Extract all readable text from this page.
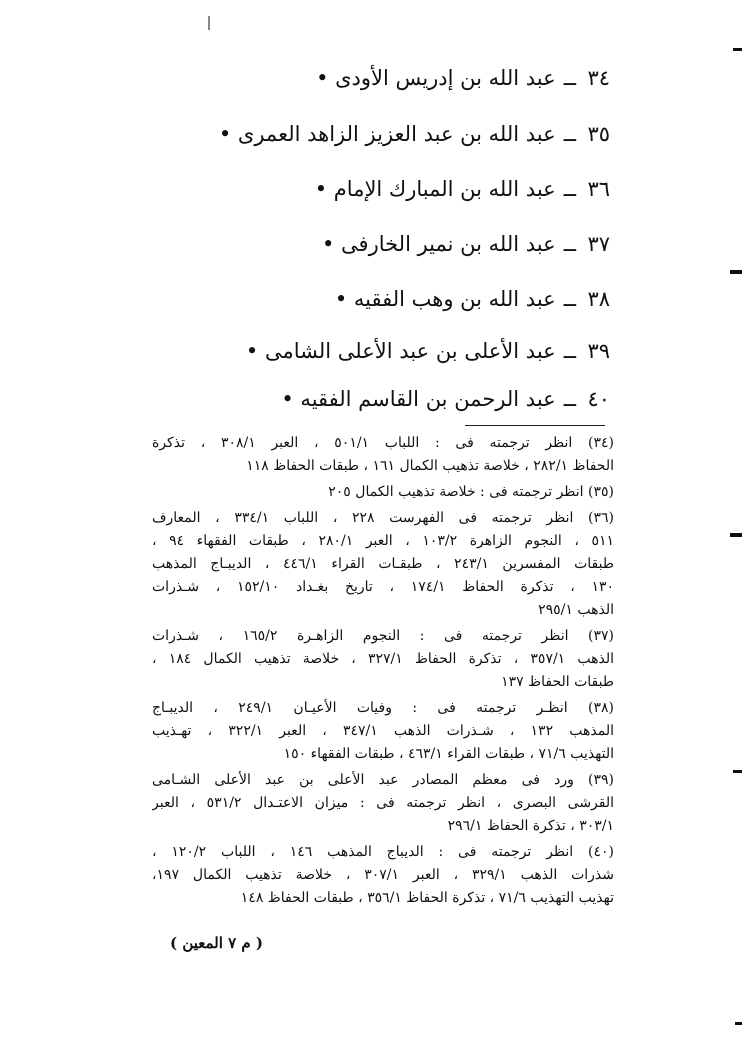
٣٤ــعبد الله بن إدريس الأودى •
٣٥ــعبد الله بن عبد العزيز الزاهد العمرى •
٣٦ــعبد الله بن المبارك الإمام •
٣٧ــعبد الله بن نمير الخارفى •
٣٨ــعبد الله بن وهب الفقيه •
٣٩ــعبد الأعلى بن عبد الأعلى الشامى •
٤٠ــعبد الرحمن بن القاسم الفقيه •
(٣٤) انظر ترجمته فى : اللباب ٥٠١/١ ، العبر ٣٠٨/١ ، تذكرة
الحفاظ ٢٨٢/١ ، خلاصة تذهيب الكمال ١٦١ ، طبقات الحفاظ ١١٨
(٣٥) انظر ترجمته فى : خلاصة تذهيب الكمال ٢٠٥
(٣٦) انظر ترجمته فى الفهرست ٢٢٨ ، اللباب ٣٣٤/١ ، المعارف
٥١١ ، النجوم الزاهرة ١٠٣/٢ ، العبر ٢٨٠/١ ، طبقات الفقهاء ٩٤ ،
طبقات المفسرين ٢٤٣/١ ، طبقـات القراء ٤٤٦/١ ، الديبـاج المذهب
١٣٠ ، تذكرة الحفاظ ١٧٤/١ ، تاريخ بغـداد ١٥٢/١٠ ، شـذرات
الذهب ٢٩٥/١
(٣٧) انظر ترجمته فى : النجوم الزاهـرة ١٦٥/٢ ، شـذرات
الذهب ٣٥٧/١ ، تذكرة الحفاظ ٣٢٧/١ ، خلاصة تذهيب الكمال ١٨٤ ،
طبقات الحفاظ ١٣٧
(٣٨) انظـر ترجمته فى : وفيات الأعيـان ٢٤٩/١ ، الديبـاج
المذهب ١٣٢ ، شـذرات الذهب ٣٤٧/١ ، العبر ٣٢٢/١ ، تهـذيب
التهذيب ٧١/٦ ، طبقات القراء ٤٦٣/١ ، طبقات الفقهاء ١٥٠
(٣٩) ورد فى معظم المصادر عبد الأعلى بن عبد الأعلى الشـامى
القرشى البصرى ، انظر ترجمته فى : ميزان الاعتـدال ٥٣١/٢ ، العبر
٣٠٣/١ ، تذكرة الحفاظ ٢٩٦/١
(٤٠) انظر ترجمته فى : الديباج المذهب ١٤٦ ، اللباب ١٢٠/٢ ،
شذرات الذهب ٣٢٩/١ ، العبر ٣٠٧/١ ، خلاصة تذهيب الكمال ١٩٧،
تهذيب التهذيب ٧١/٦ ، تذكرة الحفاظ ٣٥٦/١ ، طبقات الحفاظ ١٤٨
( م ٧ المعين )
